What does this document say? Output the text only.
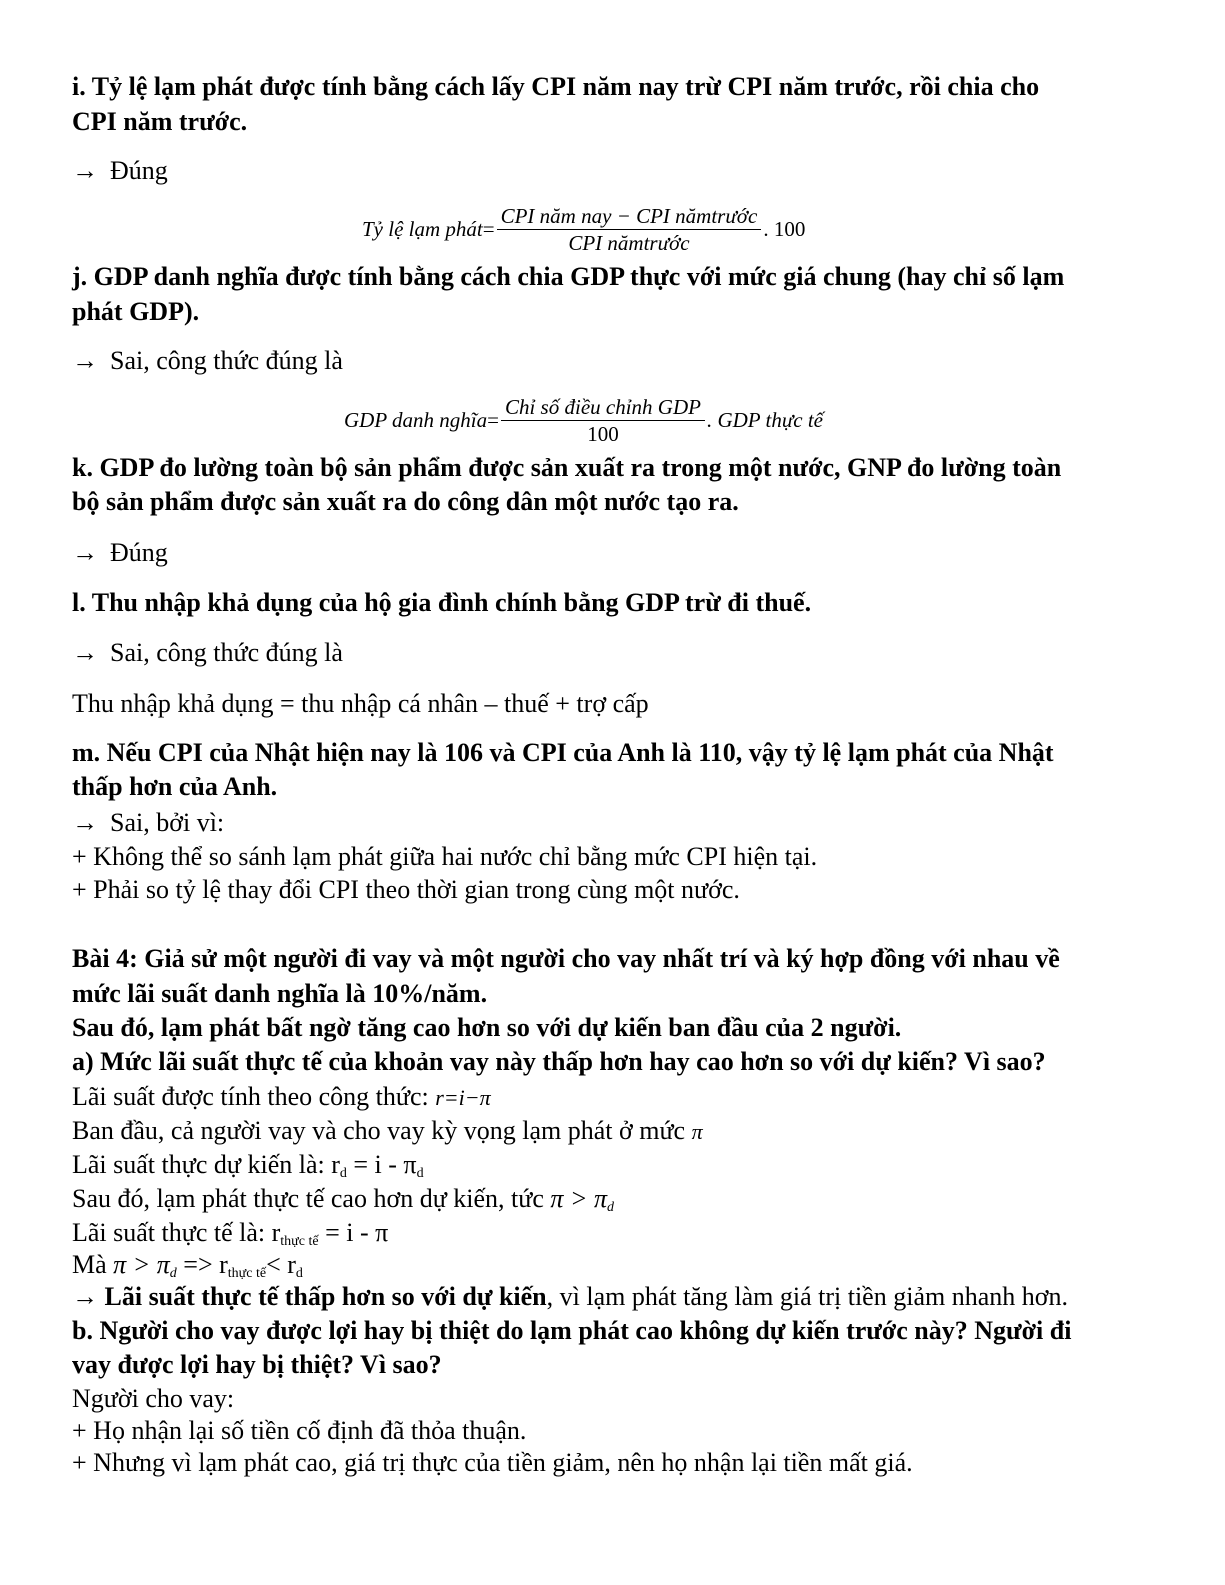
i. Tỷ lệ lạm phát được tính bằng cách lấy CPI năm nay trừ CPI năm trước, rồi chia cho
CPI năm trước.
→ Đúng
Tỷ lệ lạm phát = $\frac{\text{CPI năm nay − CPI nămtrước}}{\text{CPI nămtrước}}$ . 100
j. GDP danh nghĩa được tính bằng cách chia GDP thực với mức giá chung (hay chỉ số lạm
phát GDP).
→ Sai, công thức đúng là
GDP danh nghĩa = $\frac{\text{Chỉ số điều chỉnh GDP}}{100}$ . GDP thực tế
k. GDP đo lường toàn bộ sản phẩm được sản xuất ra trong một nước, GNP đo lường toàn
bộ sản phẩm được sản xuất ra do công dân một nước tạo ra.
→ Đúng
l. Thu nhập khả dụng của hộ gia đình chính bằng GDP trừ đi thuế.
→ Sai, công thức đúng là
Thu nhập khả dụng = thu nhập cá nhân – thuế + trợ cấp
m. Nếu CPI của Nhật hiện nay là 106 và CPI của Anh là 110, vậy tỷ lệ lạm phát của Nhật
thấp hơn của Anh.
→ Sai, bởi vì:
+ Không thể so sánh lạm phát giữa hai nước chỉ bằng mức CPI hiện tại.
+ Phải so tỷ lệ thay đổi CPI theo thời gian trong cùng một nước.
Bài 4: Giả sử một người đi vay và một người cho vay nhất trí và ký hợp đồng với nhau về
mức lãi suất danh nghĩa là 10%/năm.
Sau đó, lạm phát bất ngờ tăng cao hơn so với dự kiến ban đầu của 2 người.
a) Mức lãi suất thực tế của khoản vay này thấp hơn hay cao hơn so với dự kiến? Vì sao?
Lãi suất được tính theo công thức: r=i−π
Ban đầu, cả người vay và cho vay kỳ vọng lạm phát ở mức π
Lãi suất thực dự kiến là: $r_d = i - \pi_d$
Sau đó, lạm phát thực tế cao hơn dự kiến, tức $\pi > \pi_d$
Lãi suất thực tế là: $r_{thực tế} = i - \pi$
Mà $\pi > \pi_d => r_{thực tế}< r_d$
→ Lãi suất thực tế thấp hơn so với dự kiến, vì lạm phát tăng làm giá trị tiền giảm nhanh hơn.
b. Người cho vay được lợi hay bị thiệt do lạm phát cao không dự kiến trước này? Người đi
vay được lợi hay bị thiệt? Vì sao?
Người cho vay:
+ Họ nhận lại số tiền cố định đã thỏa thuận.
+ Nhưng vì lạm phát cao, giá trị thực của tiền giảm, nên họ nhận lại tiền mất giá.
